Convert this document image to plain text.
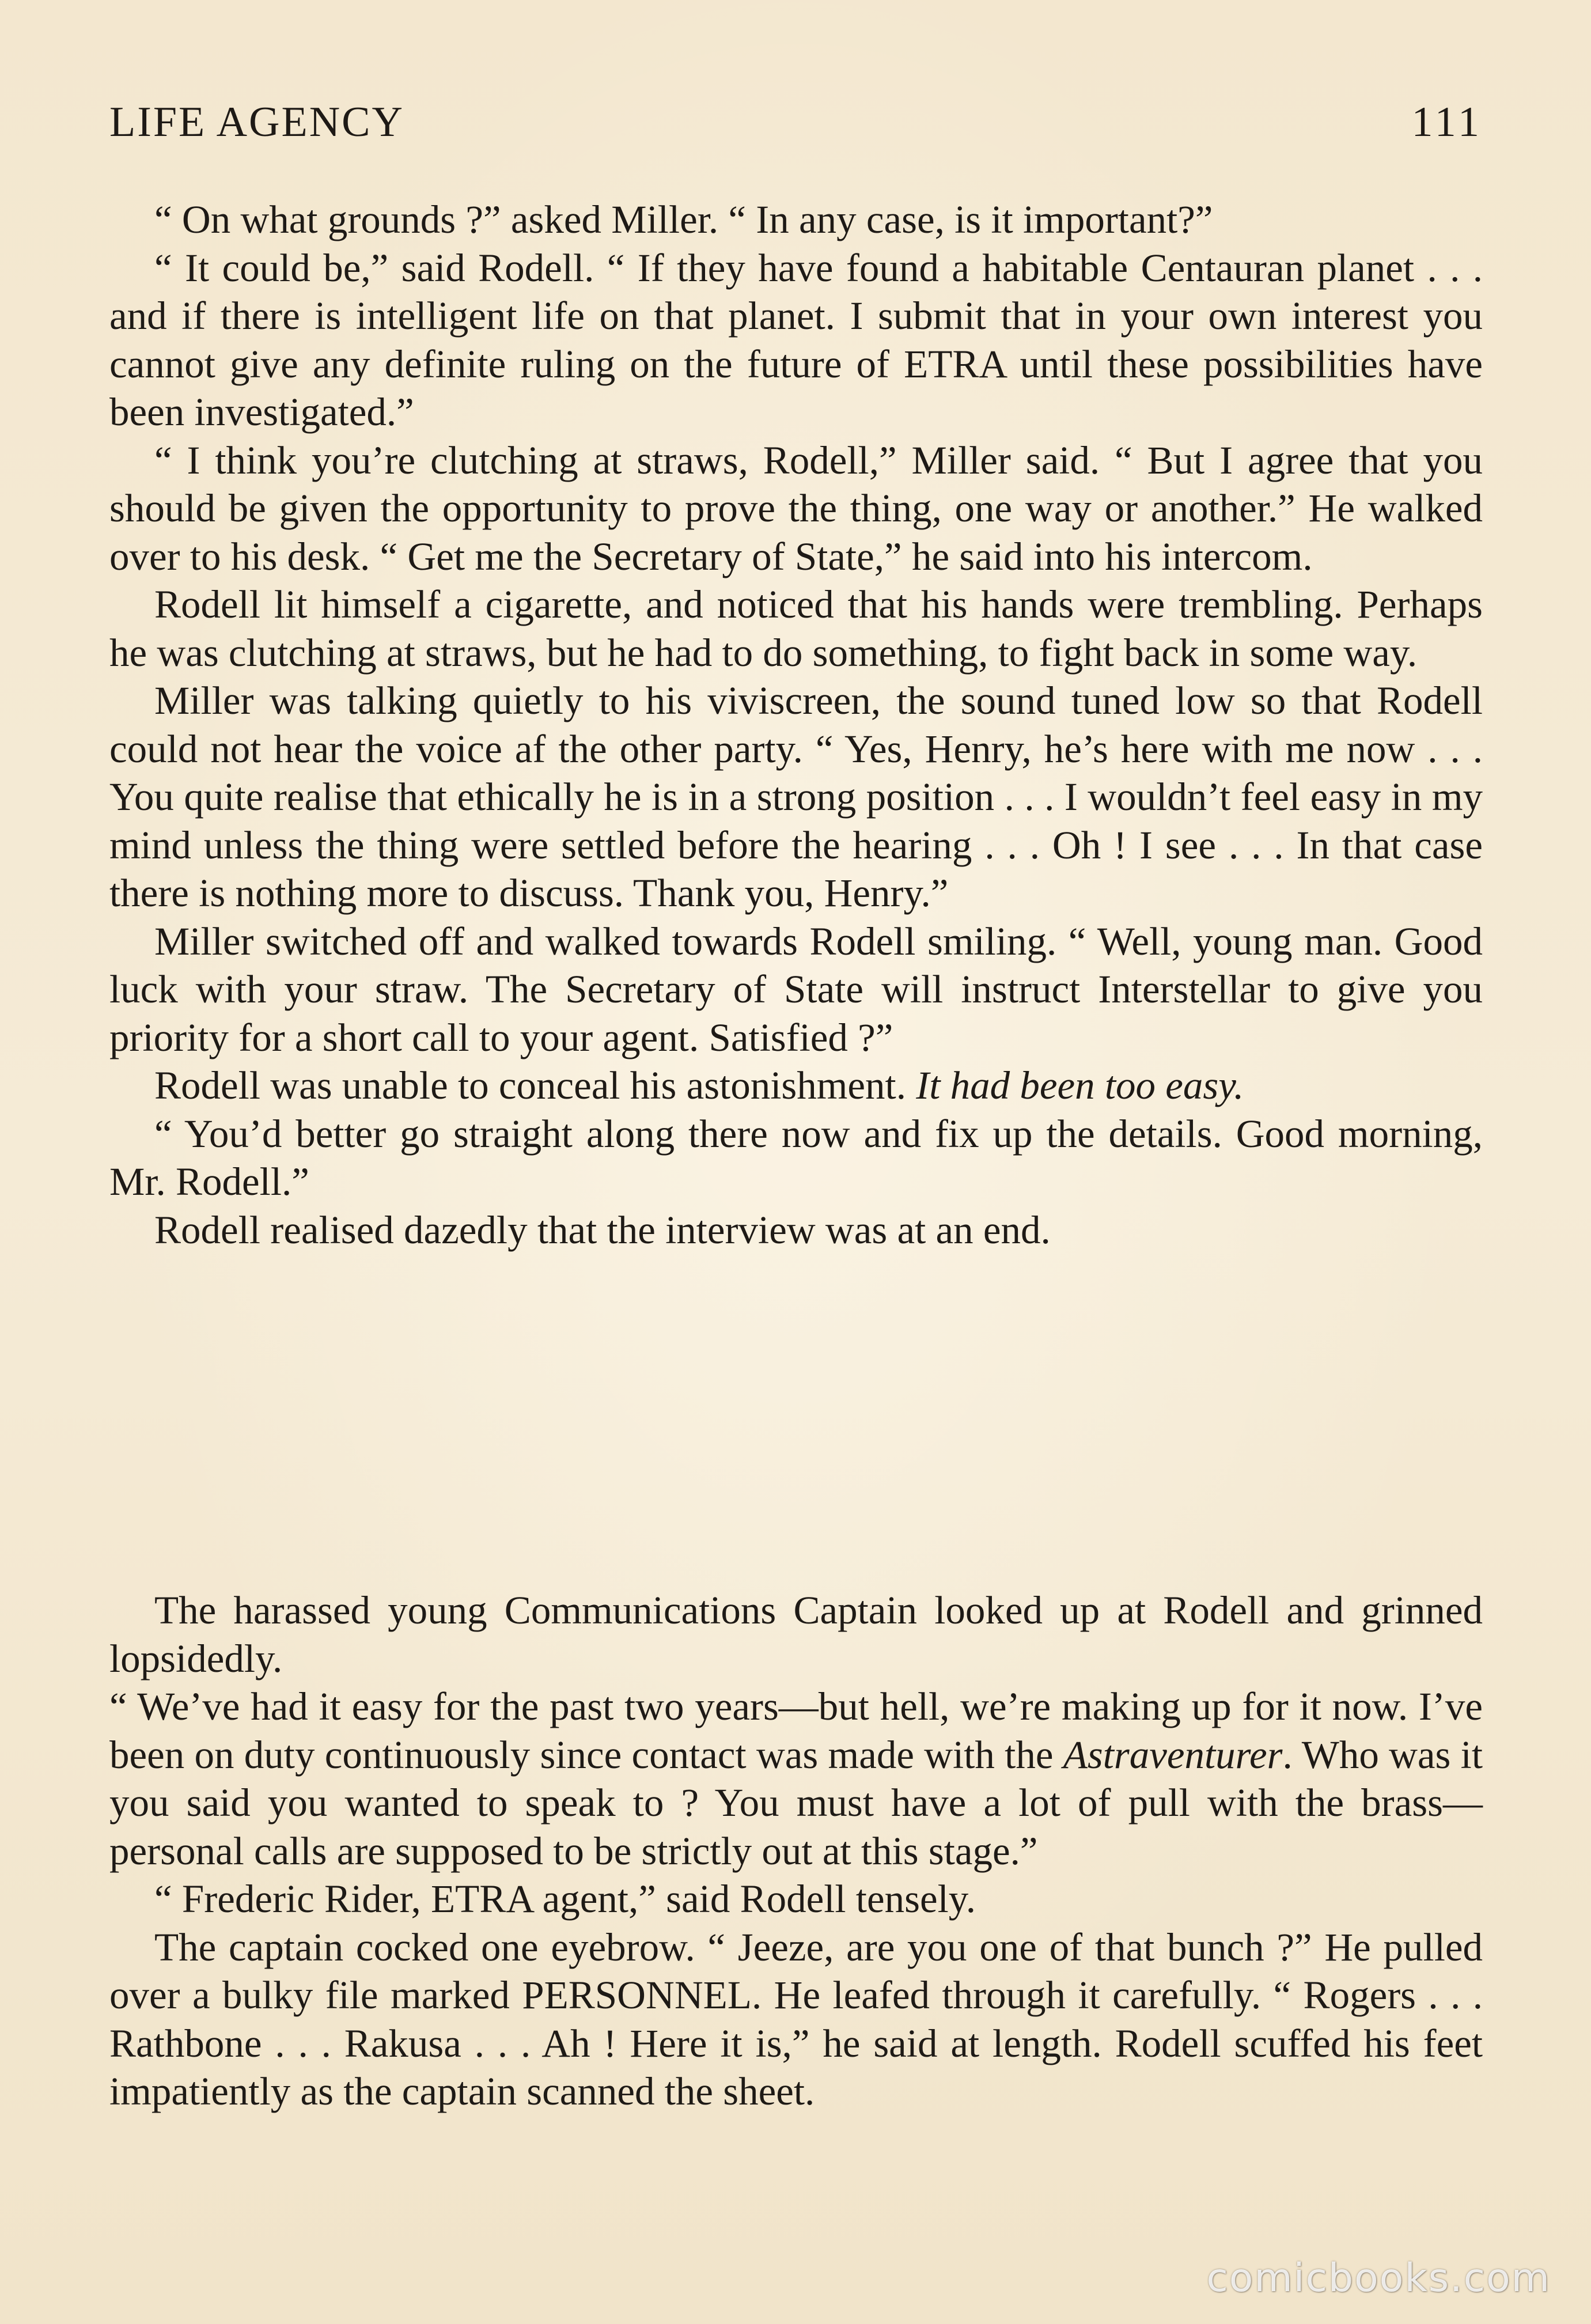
LIFE AGENCY	111

“ On what grounds ?” asked Miller. “ In any case, is it important?”

“ It could be,” said Rodell. “ If they have found a habitable Centauran planet . . . and if there is intelligent life on that planet. I submit that in your own interest you cannot give any definite ruling on the future of ETRA until these possibilities have been investigated.”

“ I think you’re clutching at straws, Rodell,” Miller said. “ But I agree that you should be given the opportunity to prove the thing, one way or another.” He walked over to his desk. “ Get me the Secretary of State,” he said into his intercom.

Rodell lit himself a cigarette, and noticed that his hands were trembling. Perhaps he was clutching at straws, but he had to do something, to fight back in some way.

Miller was talking quietly to his viviscreen, the sound tuned low so that Rodell could not hear the voice af the other party. “ Yes, Henry, he’s here with me now . . . You quite realise that ethically he is in a strong position . . . I wouldn’t feel easy in my mind unless the thing were settled before the hearing . . . Oh ! I see . . . In that case there is nothing more to discuss. Thank you, Henry.”

Miller switched off and walked towards Rodell smiling. “ Well, young man. Good luck with your straw. The Secretary of State will instruct Interstellar to give you priority for a short call to your agent. Satisfied ?”

Rodell was unable to conceal his astonishment. It had been too easy.

“ You’d better go straight along there now and fix up the details. Good morning, Mr. Rodell.”

Rodell realised dazedly that the interview was at an end.

The harassed young Communications Captain looked up at Rodell and grinned lopsidedly.

“ We’ve had it easy for the past two years—but hell, we’re making up for it now. I’ve been on duty continuously since contact was made with the Astraventurer. Who was it you said you wanted to speak to ? You must have a lot of pull with the brass—personal calls are supposed to be strictly out at this stage.”

“ Frederic Rider, ETRA agent,” said Rodell tensely.

The captain cocked one eyebrow. “ Jeeze, are you one of that bunch ?” He pulled over a bulky file marked PERSONNEL. He leafed through it carefully. “ Rogers . . . Rathbone . . . Rakusa . . . Ah ! Here it is,” he said at length. Rodell scuffed his feet impatiently as the captain scanned the sheet.

comicbooks.com
